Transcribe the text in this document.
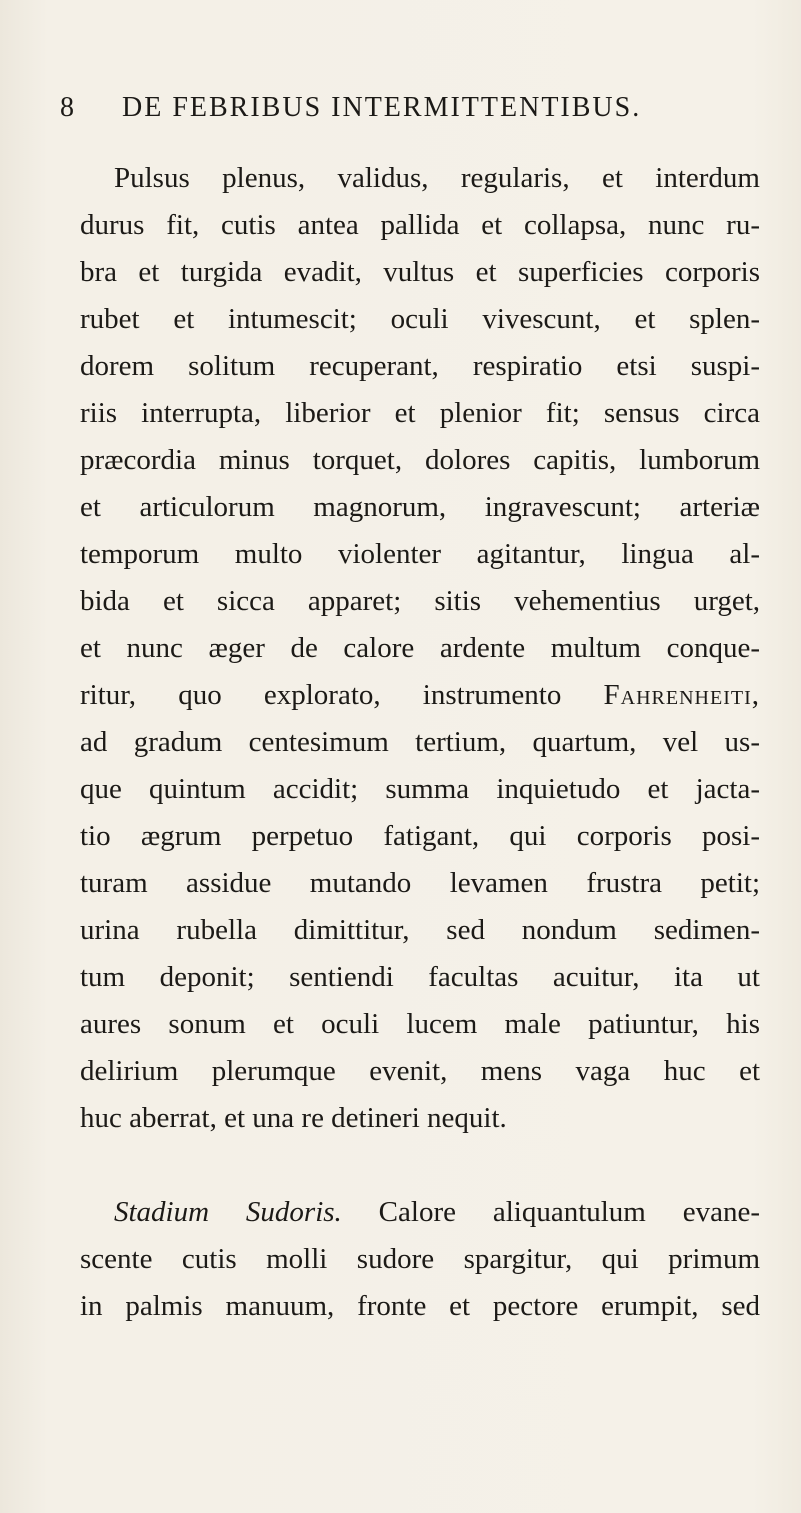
8 DE FEBRIBUS INTERMITTENTIBUS.
Pulsus plenus, validus, regularis, et interdum
durus fit, cutis antea pallida et collapsa, nunc ru-
bra et turgida evadit, vultus et superficies corporis
rubet et intumescit; oculi vivescunt, et splen-
dorem solitum recuperant, respiratio etsi suspi-
riis interrupta, liberior et plenior fit; sensus circa
præcordia minus torquet, dolores capitis, lumborum
et articulorum magnorum, ingravescunt; arteriæ
temporum multo violenter agitantur, lingua al-
bida et sicca apparet; sitis vehementius urget,
et nunc æger de calore ardente multum conque-
ritur, quo explorato, instrumento Fahrenheiti,
ad gradum centesimum tertium, quartum, vel us-
que quintum accidit; summa inquietudo et jacta-
tio ægrum perpetuo fatigant, qui corporis posi-
turam assidue mutando levamen frustra petit;
urina rubella dimittitur, sed nondum sedimen-
tum deponit; sentiendi facultas acuitur, ita ut
aures sonum et oculi lucem male patiuntur, his
delirium plerumque evenit, mens vaga huc et
huc aberrat, et una re detineri nequit.
Stadium Sudoris. Calore aliquantulum evane-
scente cutis molli sudore spargitur, qui primum
in palmis manuum, fronte et pectore erumpit, sed
